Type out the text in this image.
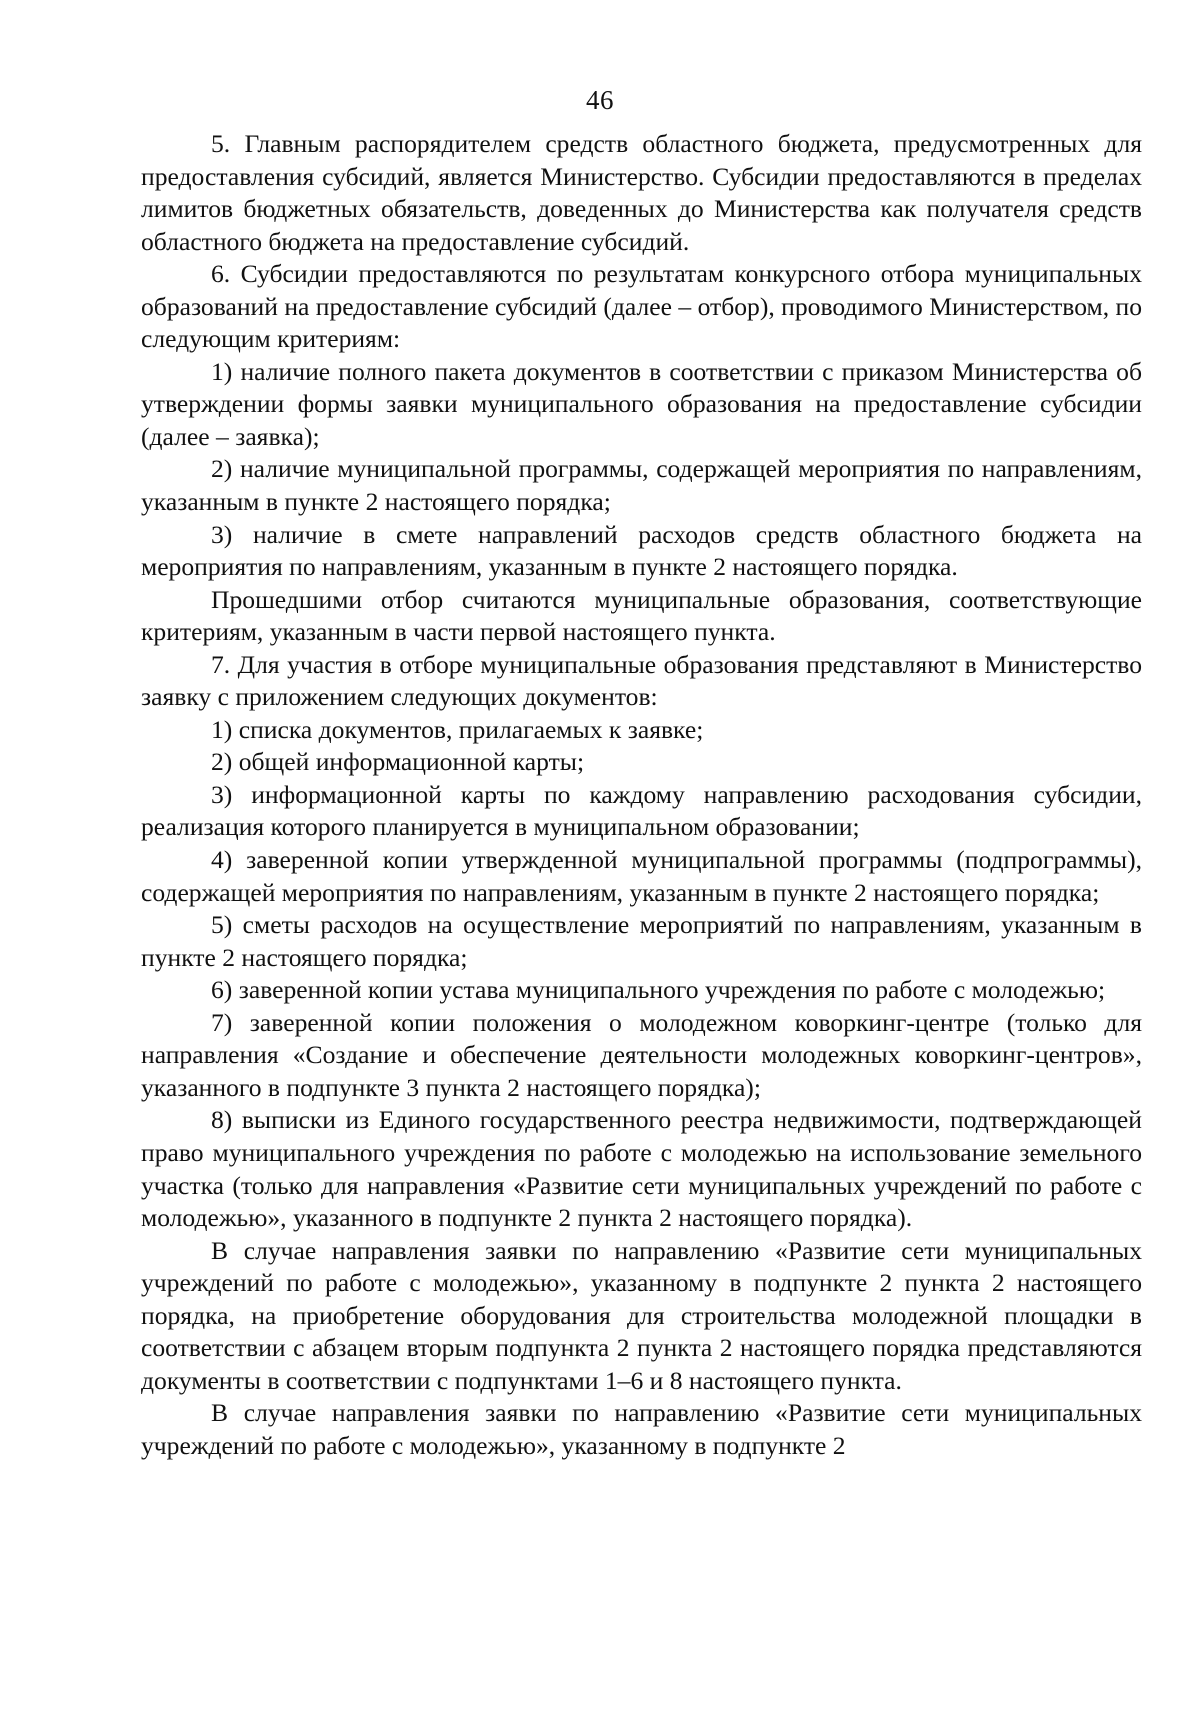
46

5. Главным распорядителем средств областного бюджета, предусмотренных для предоставления субсидий, является Министерство. Субсидии предоставляются в пределах лимитов бюджетных обязательств, доведенных до Министерства как получателя средств областного бюджета на предоставление субсидий.

6. Субсидии предоставляются по результатам конкурсного отбора муниципальных образований на предоставление субсидий (далее – отбор), проводимого Министерством, по следующим критериям:

1) наличие полного пакета документов в соответствии с приказом Министерства об утверждении формы заявки муниципального образования на предоставление субсидии (далее – заявка);

2) наличие муниципальной программы, содержащей мероприятия по направлениям, указанным в пункте 2 настоящего порядка;

3) наличие в смете направлений расходов средств областного бюджета на мероприятия по направлениям, указанным в пункте 2 настоящего порядка.

Прошедшими отбор считаются муниципальные образования, соответствующие критериям, указанным в части первой настоящего пункта.

7. Для участия в отборе муниципальные образования представляют в Министерство заявку с приложением следующих документов:

1) списка документов, прилагаемых к заявке;

2) общей информационной карты;

3) информационной карты по каждому направлению расходования субсидии, реализация которого планируется в муниципальном образовании;

4) заверенной копии утвержденной муниципальной программы (подпрограммы), содержащей мероприятия по направлениям, указанным в пункте 2 настоящего порядка;

5) сметы расходов на осуществление мероприятий по направлениям, указанным в пункте 2 настоящего порядка;

6) заверенной копии устава муниципального учреждения по работе с молодежью;

7) заверенной копии положения о молодежном коворкинг-центре (только для направления «Создание и обеспечение деятельности молодежных коворкинг-центров», указанного в подпункте 3 пункта 2 настоящего порядка);

8) выписки из Единого государственного реестра недвижимости, подтверждающей право муниципального учреждения по работе с молодежью на использование земельного участка (только для направления «Развитие сети муниципальных учреждений по работе с молодежью», указанного в подпункте 2 пункта 2 настоящего порядка).

В случае направления заявки по направлению «Развитие сети муниципальных учреждений по работе с молодежью», указанному в подпункте 2 пункта 2 настоящего порядка, на приобретение оборудования для строительства молодежной площадки в соответствии с абзацем вторым подпункта 2 пункта 2 настоящего порядка представляются документы в соответствии с подпунктами 1–6 и 8 настоящего пункта.

В случае направления заявки по направлению «Развитие сети муниципальных учреждений по работе с молодежью», указанному в подпункте 2
